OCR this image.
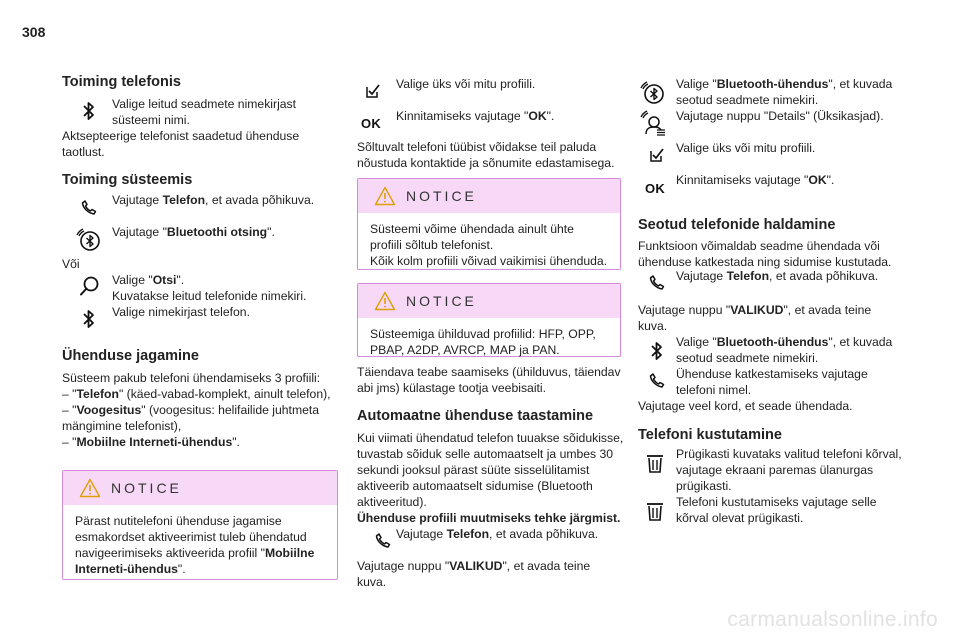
308
Toiming telefonis
Valige leitud seadmete nimekirjast süsteemi nimi.
Aktsepteerige telefonist saadetud ühenduse taotlust.
Toiming süsteemis
Vajutage Telefon, et avada põhikuva.
Vajutage "Bluetoothi otsing".
Või

Valige "Otsi".

Kuvatakse leitud telefonide nimekiri.

Valige nimekirjast telefon.
Ühenduse jagamine

Süsteem pakub telefoni ühendamiseks 3 profiili:

– "Telefon" (käed-vabad-komplekt, ainult telefon),

– "Voogesitus" (voogesitus: helifailide juhtmeta mängimine telefonist),

– "Mobiilne Interneti-ühendus".

NOTICE
Pärast nutitelefoni ühenduse jagamise esmakordset aktiveerimist tuleb ühendatud navigeerimiseks aktiveerida profiil "Mobiilne Interneti-ühendus".
Valige üks või mitu profiili.
OK	Kinnitamiseks vajutage "OK".
Sõltuvalt telefoni tüübist võidakse teil paluda nõustuda kontaktide ja sõnumite edastamisega.
NOTICE

Süsteemi võime ühendada ainult ühte profiili sõltub telefonist.

Kõik kolm profiili võivad vaikimisi ühenduda.

NOTICE
Süsteemiga ühilduvad profiilid: HFP, OPP, PBAP, A2DP, AVRCP, MAP ja PAN.
Täiendava teabe saamiseks (ühilduvus, täiendav abi jms) külastage tootja veebisaiti.
Automaatne ühenduse taastamine

Kui viimati ühendatud telefon tuuakse sõidukisse, tuvastab sõiduk selle automaatselt ja umbes 30 sekundi jooksul pärast süüte sisselülitamist aktiveerib automaatselt sidumise (Bluetooth aktiveeritud).

Ühenduse profiili muutmiseks tehke järgmist.

Vajutage Telefon, et avada põhikuva.
Vajutage nuppu "VALIKUD", et avada teine kuva.
Valige "Bluetooth-ühendus", et kuvada seotud seadmete nimekiri.
Vajutage nuppu "Details" (Üksikasjad).
Valige üks või mitu profiili.
OK
Kinnitamiseks vajutage "OK".
Seotud telefonide haldamine
Funktsioon võimaldab seadme ühendada või ühenduse katkestada ning sidumise kustutada.
Vajutage Telefon, et avada põhikuva.
Vajutage nuppu "VALIKUD", et avada teine kuva.
Valige "Bluetooth-ühendus", et kuvada seotud seadmete nimekiri.
Ühenduse katkestamiseks vajutage telefoni nimel.
Vajutage veel kord, et seade ühendada.
Telefoni kustutamine
Prügikasti kuvataks valitud telefoni kõrval, vajutage ekraani paremas ülanurgas prügikasti.
Telefoni kustutamiseks vajutage selle kõrval olevat prügikasti.
carmanualsonline.info
